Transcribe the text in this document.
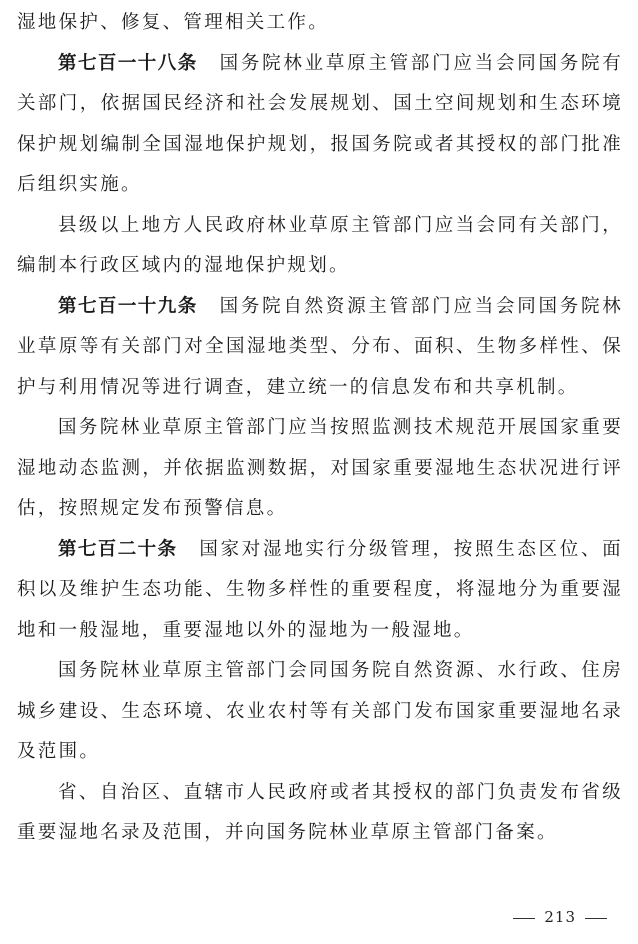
湿地保护、修复、管理相关工作。

第七百一十八条 国务院林业草原主管部门应当会同国务院有关部门，依据国民经济和社会发展规划、国土空间规划和生态环境保护规划编制全国湿地保护规划，报国务院或者其授权的部门批准后组织实施。

县级以上地方人民政府林业草原主管部门应当会同有关部门，编制本行政区域内的湿地保护规划。

第七百一十九条 国务院自然资源主管部门应当会同国务院林业草原等有关部门对全国湿地类型、分布、面积、生物多样性、保护与利用情况等进行调查，建立统一的信息发布和共享机制。

国务院林业草原主管部门应当按照监测技术规范开展国家重要湿地动态监测，并依据监测数据，对国家重要湿地生态状况进行评估，按照规定发布预警信息。

第七百二十条 国家对湿地实行分级管理，按照生态区位、面积以及维护生态功能、生物多样性的重要程度，将湿地分为重要湿地和一般湿地，重要湿地以外的湿地为一般湿地。

国务院林业草原主管部门会同国务院自然资源、水行政、住房城乡建设、生态环境、农业农村等有关部门发布国家重要湿地名录及范围。

省、自治区、直辖市人民政府或者其授权的部门负责发布省级重要湿地名录及范围，并向国务院林业草原主管部门备案。

213
